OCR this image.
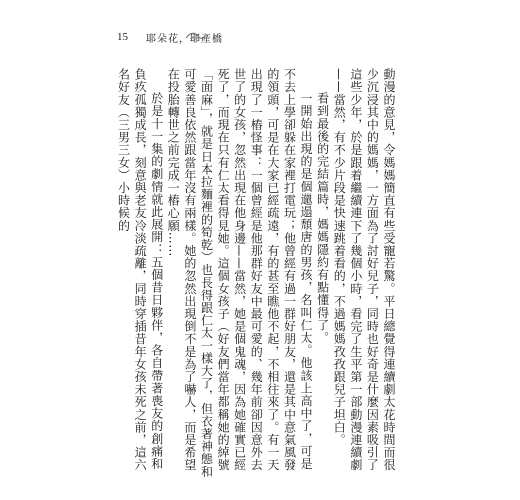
15 耶朵花，耶產橋

動漫的意見，令媽媽簡直有些受寵若驚。平日總覺得連續劇太花時間而很少沉浸其中的媽媽，一方面為了討好兒子，同時也好奇是什麼因素吸引了這些少年，於是跟着繼續連下了幾個小時，看完了生平第一部動漫連續劇——當然，有不少片段是快速跳着看的，不過媽媽孜孜跟兒子坦白。

看到最後的完結篇時，媽媽隱約有點懂得了。

一開始出現的是個邋遢頹唐的男孩，名叫仁太。他該上高中了，可是不去上學卻躲在家裡打電玩；他曾經有過一群好朋友，還是其中意氣風發的領頭，可是在大家已經疏遠，有的甚至瞧他不起，不相往來了。有一天出現了一樁怪事：一個曾經是他那群好友中最可愛的、幾年前卻因意外去世了的女孩，忽然出現在他身邊——當然，她是個鬼魂，因為她確實已經死了，而現在只有仁太看得見她。這個女孩子（好友們當年都稱她的綽號「面麻」，就是日本拉麵裡的筍乾）也長得跟仁太一樣大了，但衣著神態和可愛善良依然跟當年沒有兩樣。她的忽然出現倒不是為了嚇人，而是希望在投胎轉世之前完成一樁心願……

於是十一集的劇情就此展開：五個昔日夥伴，各自帶著喪友的創痛和負疚孤獨成長，刻意與老友冷淡疏離，同時穿插昔年女孩未死之前，這六名好友（三男三女）小時候的
